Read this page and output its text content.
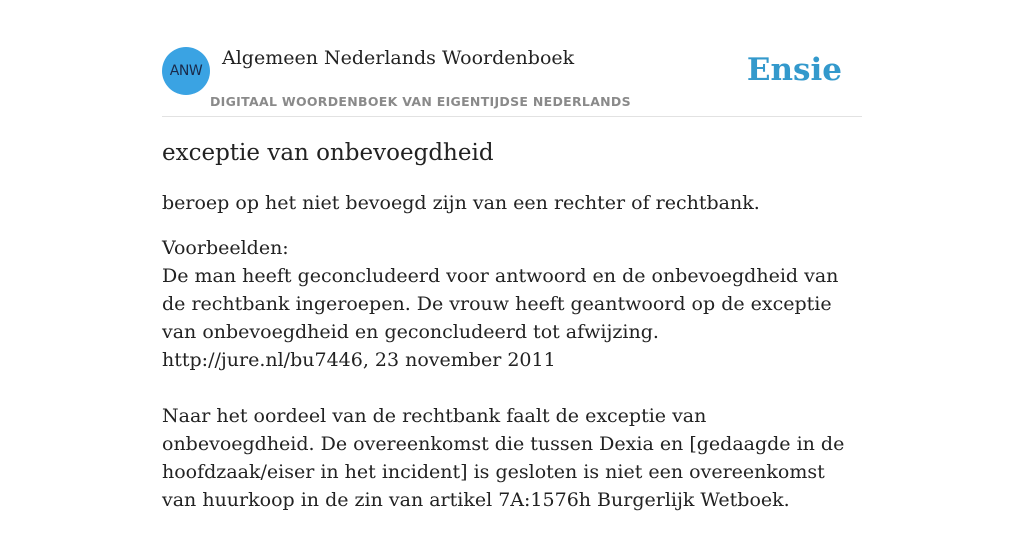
ANW
Algemeen Nederlands Woordenboek
DIGITAAL WOORDENBOEK VAN EIGENTIJDSE NEDERLANDS
Ensie
exceptie van onbevoegdheid

beroep op het niet bevoegd zijn van een rechter of rechtbank.

Voorbeelden:
De man heeft geconcludeerd voor antwoord en de onbevoegdheid van de rechtbank ingeroepen. De vrouw heeft geantwoord op de exceptie van onbevoegdheid en geconcludeerd tot afwijzing.
http://jure.nl/bu7446, 23 november 2011
Naar het oordeel van de rechtbank faalt de exceptie van onbevoegdheid. De overeenkomst die tussen Dexia en [gedaagde in de hoofdzaak/eiser in het incident] is gesloten is niet een overeenkomst van huurkoop in de zin van artikel 7A:1576h Burgerlijk Wetboek.
